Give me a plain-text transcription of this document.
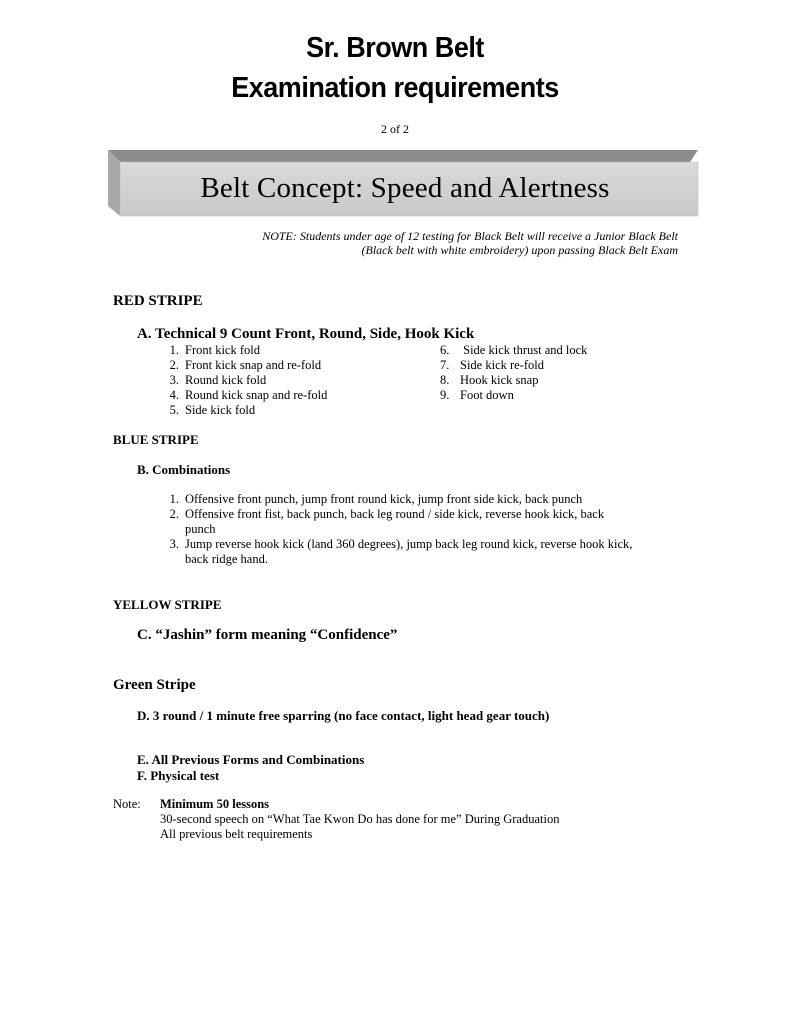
Sr. Brown Belt
Examination requirements
2 of 2
Belt Concept: Speed and Alertness
NOTE: Students under age of 12 testing for Black Belt will receive a Junior Black Belt
(Black belt with white embroidery) upon passing Black Belt Exam
RED STRIPE
A. Technical 9 Count Front, Round, Side, Hook Kick
1. Front kick fold
2. Front kick snap and re-fold
3. Round kick fold
4. Round kick snap and re-fold
5. Side kick fold
6. Side kick thrust and lock
7. Side kick re-fold
8. Hook kick snap
9. Foot down
BLUE STRIPE
B. Combinations
1. Offensive front punch, jump front round kick, jump front side kick, back punch
2. Offensive front fist, back punch, back leg round / side kick, reverse hook kick, back
punch
3. Jump reverse hook kick (land 360 degrees), jump back leg round kick, reverse hook kick,
back ridge hand.
YELLOW STRIPE
C. “Jashin” form meaning “Confidence”
Green Stripe
D. 3 round / 1 minute free sparring (no face contact, light head gear touch)
E. All Previous Forms and Combinations
F. Physical test
Note: Minimum 50 lessons
30-second speech on “What Tae Kwon Do has done for me” During Graduation
All previous belt requirements
